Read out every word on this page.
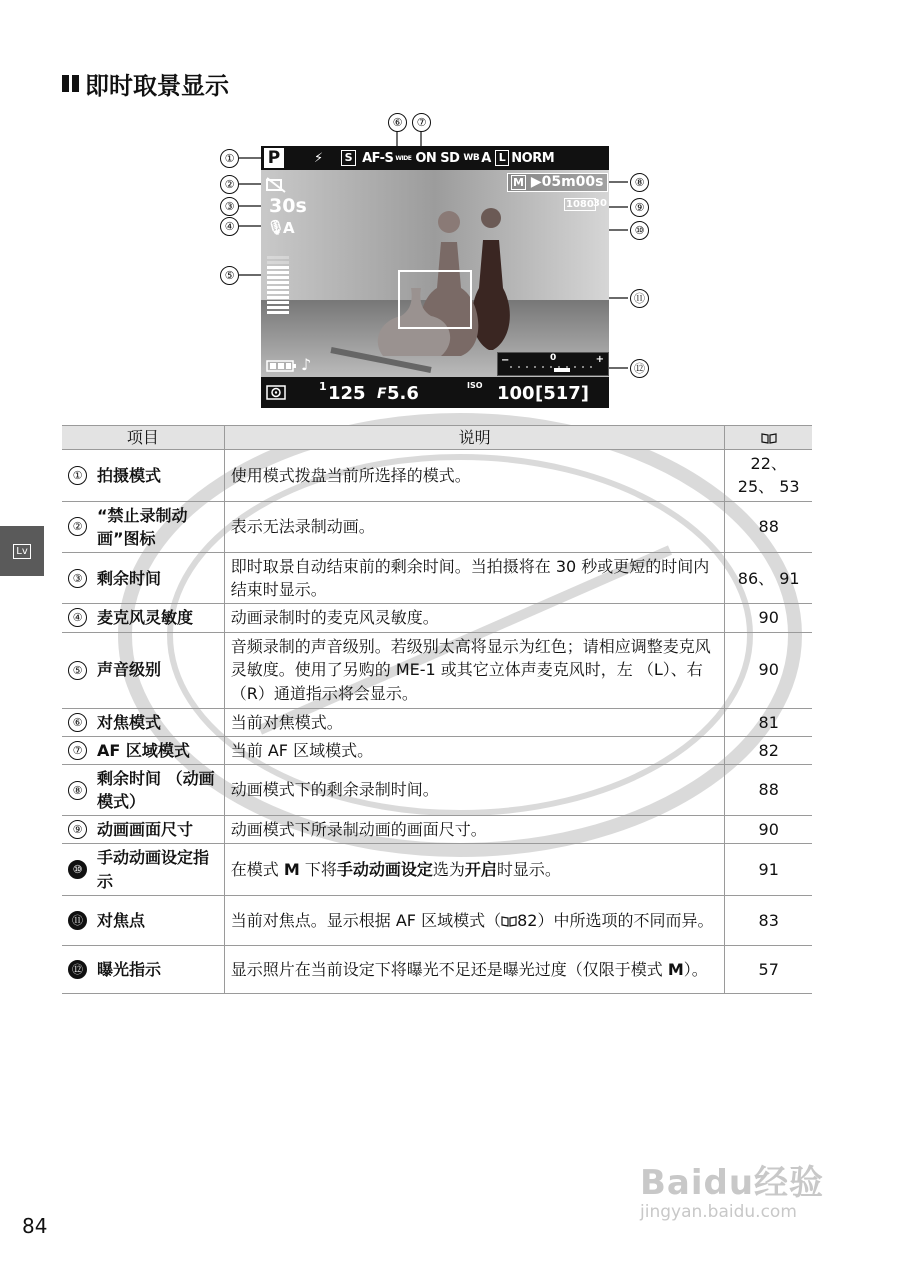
即时取景显示
Lv
①
②
③
④
⑤
⑥	⑦
⑧
⑨
⑩
⑪
⑫
P	⚡	S AF-S WIDE ON SD WB A L NORM
30s
🎙︎
A
M ▶05m00s
1080 30
♪	−	0	+
1 125 F 5.6	ISO 100 [517]
项目	说明	

① 拍摄模式	使用模式拨盘当前所选择的模式。	22、 25、 53

②
“禁止录制动画”图标	表示无法录制动画。	88

③ 剩余时间	即时取景自动结束前的剩余时间。当拍摄将在 30 秒或更短的时间内结束时显示。	86、 91

④ 麦克风灵敏度	动画录制时的麦克风灵敏度。	90

⑤ 声音级别	音频录制的声音级别。若级别太高将显示为红色；请相应调整麦克风灵敏度。使用了另购的 ME-1 或其它立体声麦克风时，左 （L）、右 （R）通道指示将会显示。	90

⑥ 对焦模式	当前对焦模式。	81

⑦ AF 区域模式	当前 AF 区域模式。	82

⑧
剩余时间 （动画模式）	动画模式下的剩余录制时间。	88

⑨ 动画画面尺寸	动画模式下所录制动画的画面尺寸。	90

⑩
手动动画设定指示	在模式 M 下将手动动画设定选为开启时显示。	91

⑪ 对焦点	当前对焦点。显示根据 AF 区域模式（ 82）中所选项的不同而异。	83

⑫ 曝光指示	显示照片在当前设定下将曝光不足还是曝光过度（仅限于模式 M）。	57
84
Baidu经验
jingyan.baidu.com
